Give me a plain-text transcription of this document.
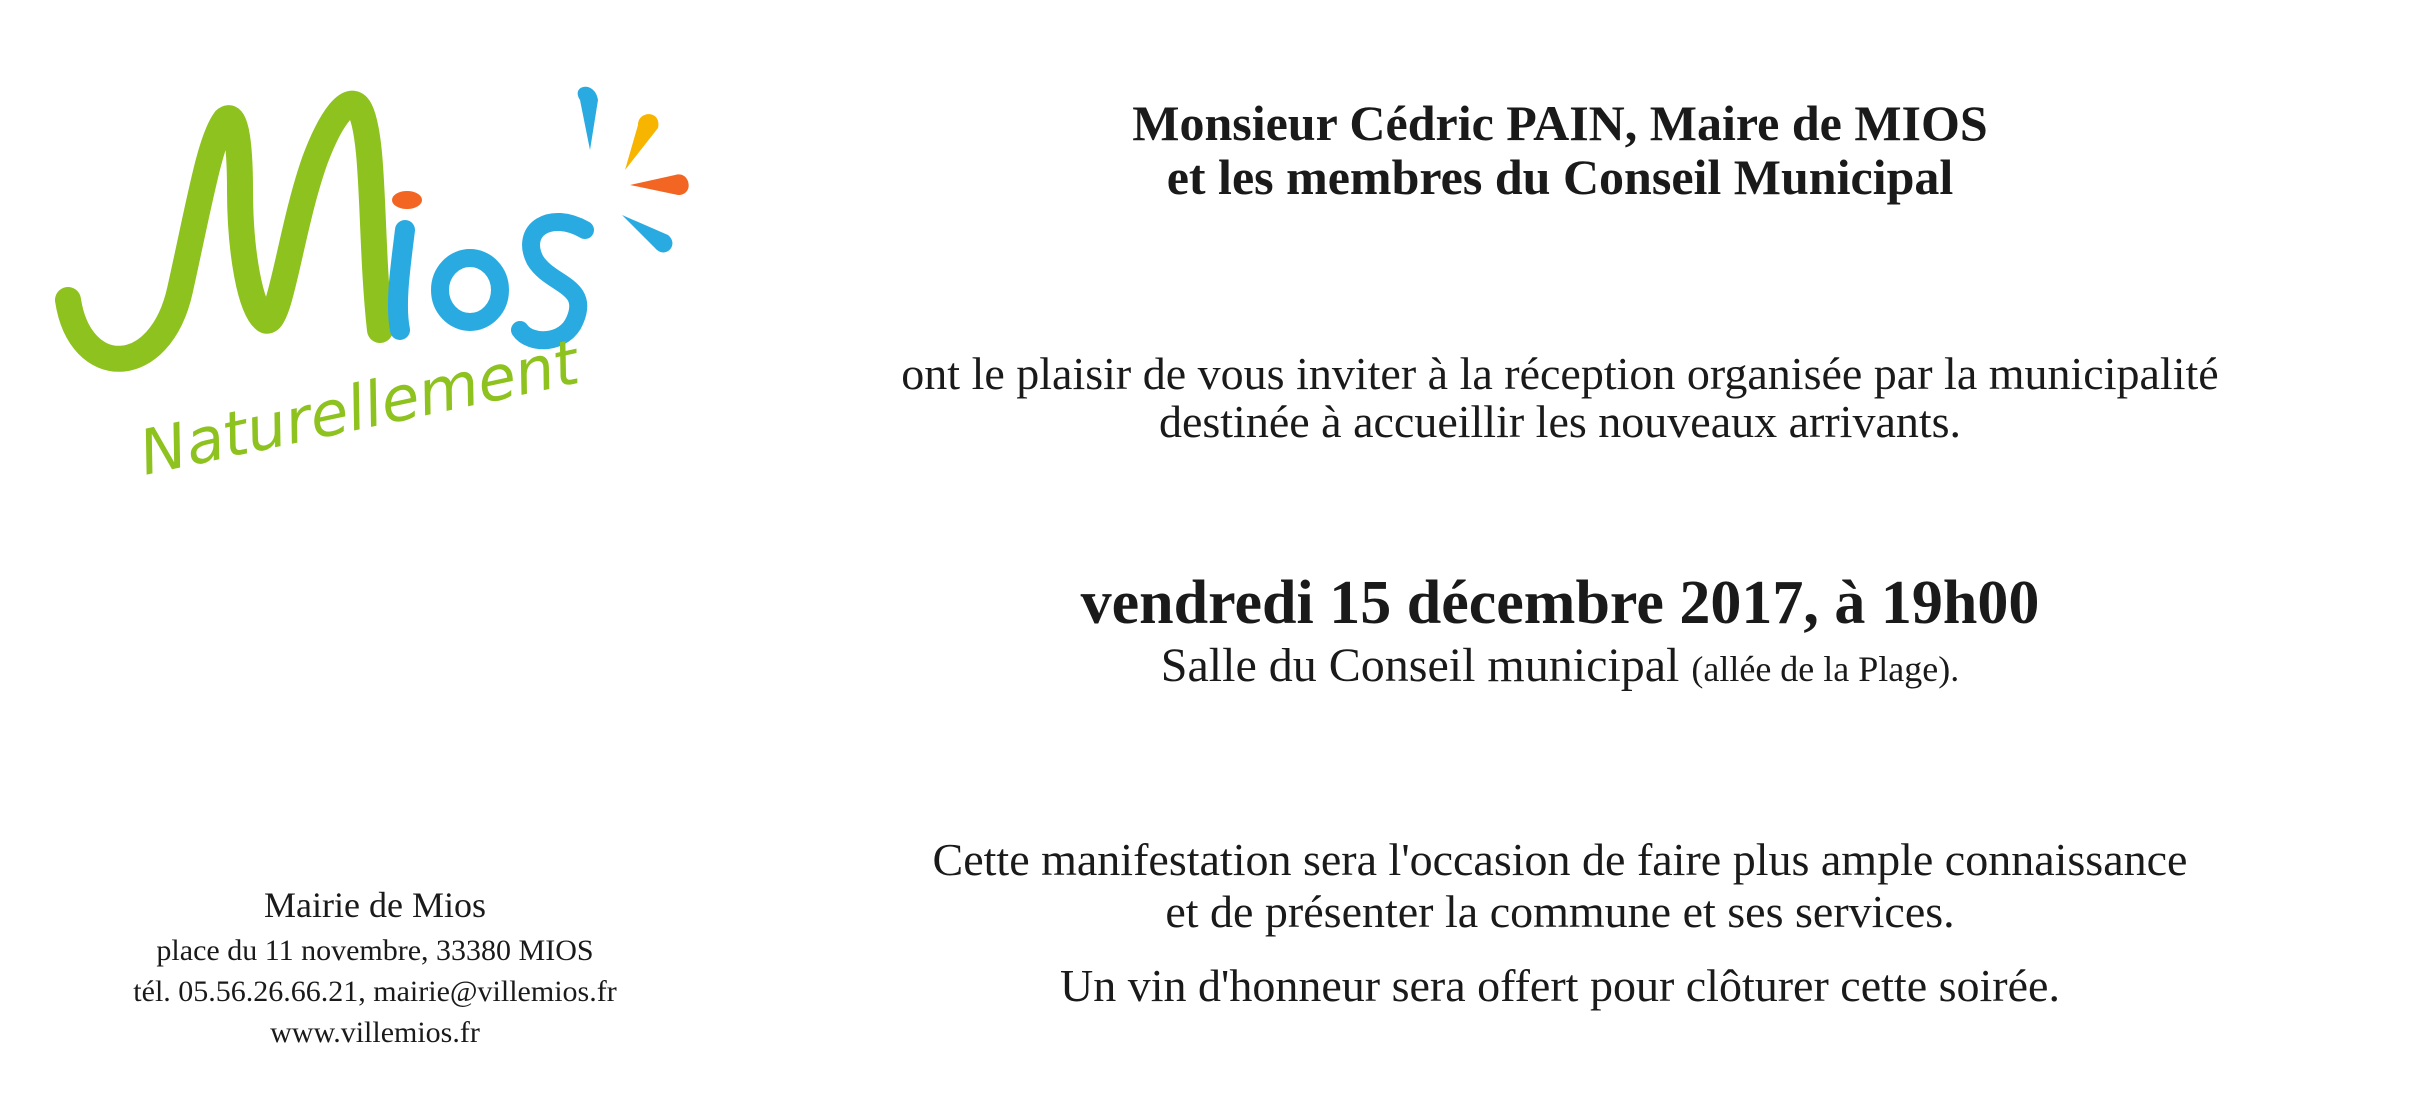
Naturellement
Mairie de Mios
place du 11 novembre, 33380 MIOS
tél. 05.56.26.66.21, mairie@villemios.fr
www.villemios.fr
Monsieur Cédric PAIN, Maire de MIOS
et les membres du Conseil Municipal
ont le plaisir de vous inviter à la réception organisée par la municipalité
destinée à accueillir les nouveaux arrivants.
vendredi 15 décembre 2017, à 19h00
Salle du Conseil municipal (allée de la Plage).
Cette manifestation sera l'occasion de faire plus ample connaissance
et de présenter la commune et ses services.
Un vin d'honneur sera offert pour clôturer cette soirée.
